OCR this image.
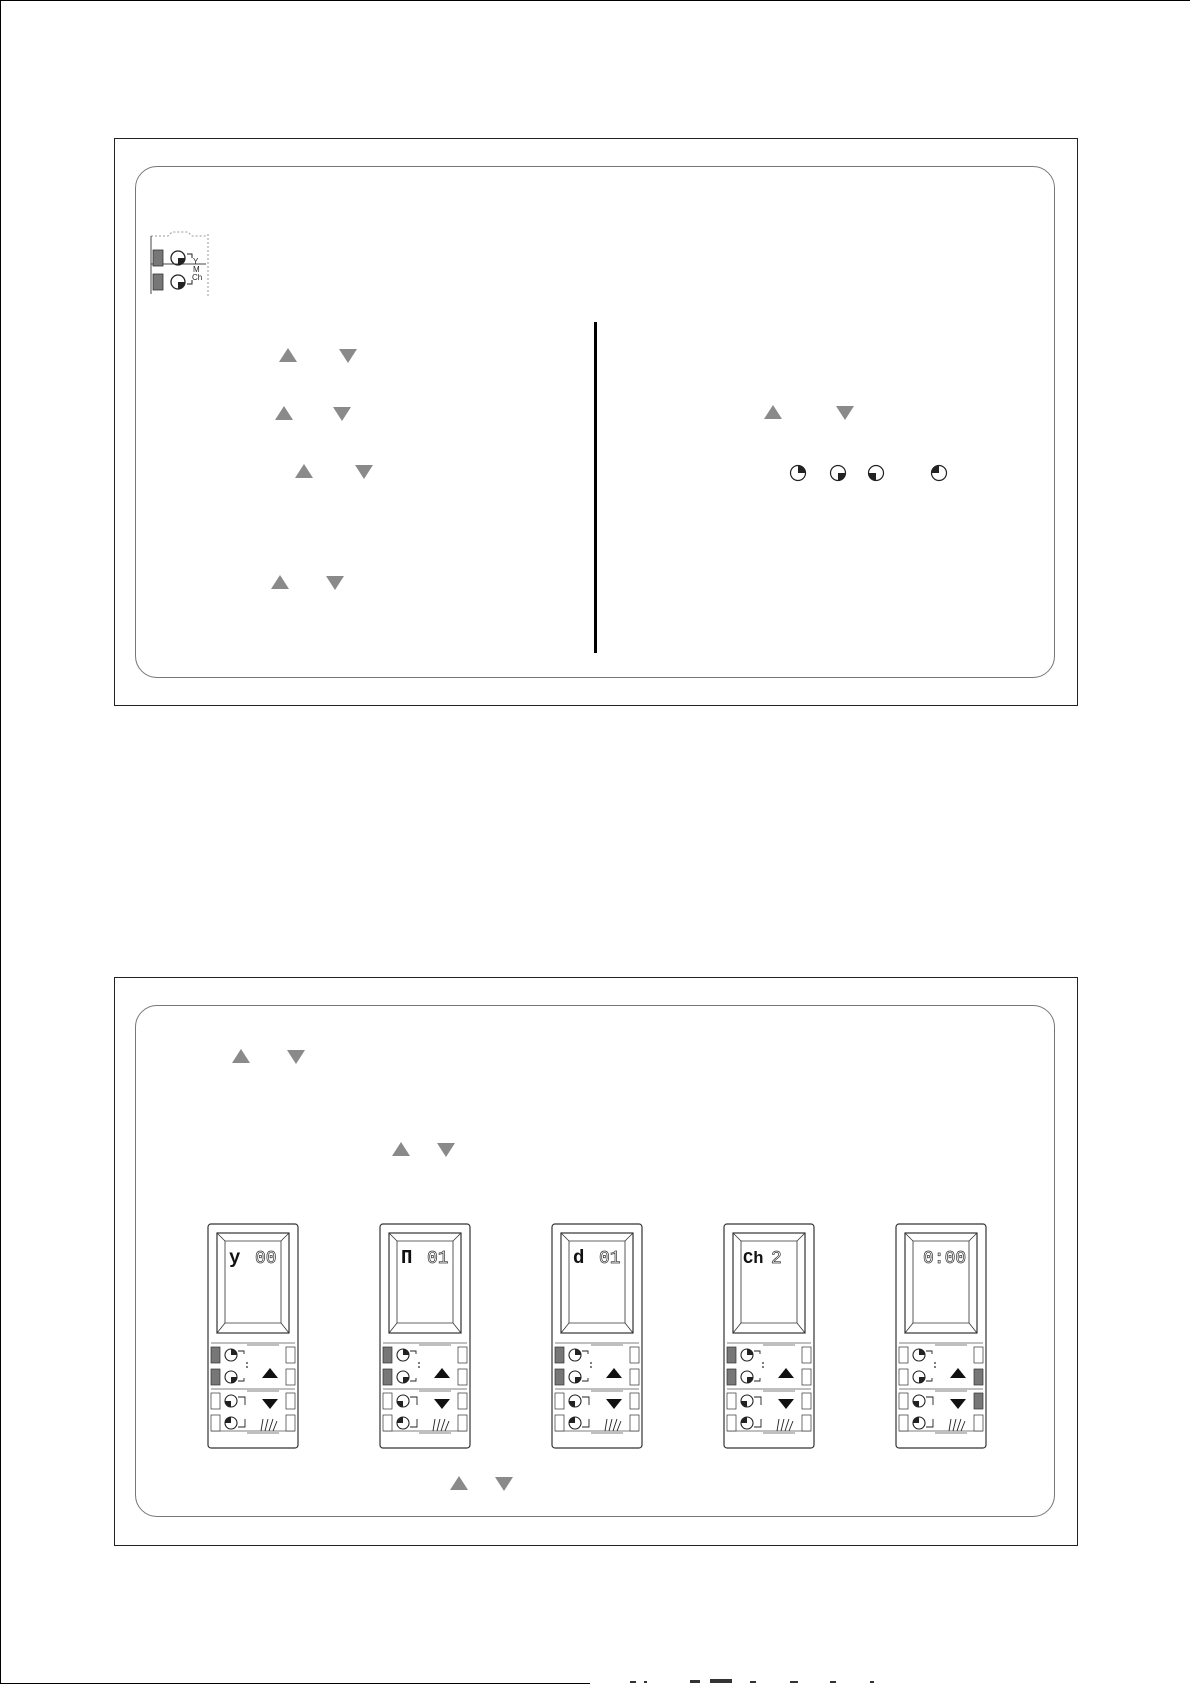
Y
M
Ch
y 00	Π 01	d 01	Ch 2	0:00
